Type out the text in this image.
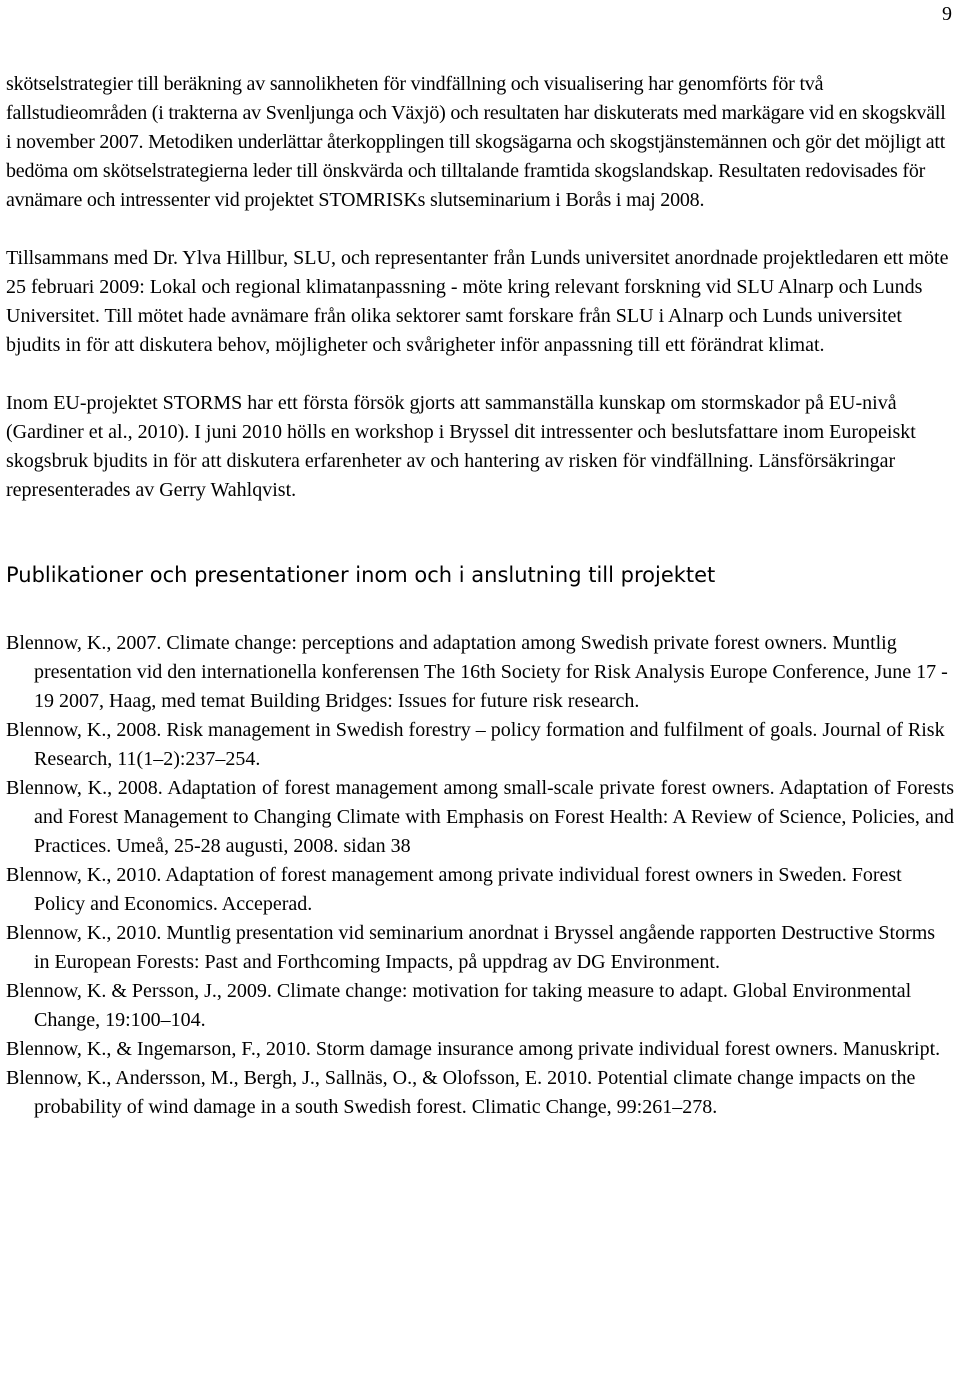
9

skötselstrategier till beräkning av sannolikheten för vindfällning och visualisering har genomförts för två fallstudieområden (i trakterna av Svenljunga och Växjö) och resultaten har diskuterats med markägare vid en skogskväll i november 2007. Metodiken underlättar återkopplingen till skogsägarna och skogstjänstemännen och gör det möjligt att bedöma om skötselstrategierna leder till önskvärda och tilltalande framtida skogslandskap. Resultaten redovisades för avnämare och intressenter vid projektet STOMRISKs slutseminarium i Borås i maj 2008.

Tillsammans med Dr. Ylva Hillbur, SLU, och representanter från Lunds universitet anordnade projektledaren ett möte 25 februari 2009: Lokal och regional klimatanpassning - möte kring relevant forskning vid SLU Alnarp och Lunds Universitet. Till mötet hade avnämare från olika sektorer samt forskare från SLU i Alnarp och Lunds universitet bjudits in för att diskutera behov, möjligheter och svårigheter inför anpassning till ett förändrat klimat.

Inom EU-projektet STORMS har ett första försök gjorts att sammanställa kunskap om stormskador på EU-nivå (Gardiner et al., 2010). I juni 2010 hölls en workshop i Bryssel dit intressenter och beslutsfattare inom Europeiskt skogsbruk bjudits in för att diskutera erfarenheter av och hantering av risken för vindfällning. Länsförsäkringar representerades av Gerry Wahlqvist.

Publikationer och presentationer inom och i anslutning till projektet
Blennow, K., 2007. Climate change: perceptions and adaptation among Swedish private forest owners. Muntlig presentation vid den internationella konferensen The 16th Society for Risk Analysis Europe Conference, June 17 - 19 2007, Haag, med temat Building Bridges: Issues for future risk research.
Blennow, K., 2008. Risk management in Swedish forestry – policy formation and fulfilment of goals. Journal of Risk Research, 11(1–2):237–254.
Blennow, K., 2008. Adaptation of forest management among small-scale private forest owners. Adaptation of Forests and Forest Management to Changing Climate with Emphasis on Forest Health: A Review of Science, Policies, and Practices. Umeå, 25-28 augusti, 2008. sidan 38
Blennow, K., 2010. Adaptation of forest management among private individual forest owners in Sweden. Forest Policy and Economics. Acceperad.
Blennow, K., 2010. Muntlig presentation vid seminarium anordnat i Bryssel angående rapporten Destructive Storms in European Forests: Past and Forthcoming Impacts, på uppdrag av DG Environment.
Blennow, K. & Persson, J., 2009. Climate change: motivation for taking measure to adapt. Global Environmental Change, 19:100–104.
Blennow, K., & Ingemarson, F., 2010. Storm damage insurance among private individual forest owners. Manuskript.
Blennow, K., Andersson, M., Bergh, J., Sallnäs, O., & Olofsson, E. 2010. Potential climate change impacts on the probability of wind damage in a south Swedish forest. Climatic Change, 99:261–278.
